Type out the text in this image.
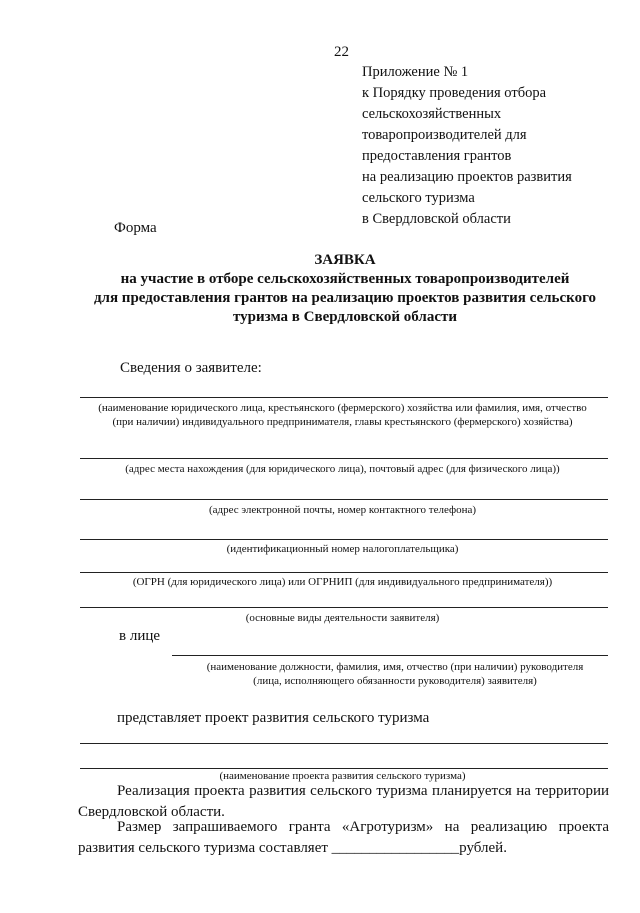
22

Приложение № 1
к Порядку проведения отбора
сельскохозяйственных
товаропроизводителей для
предоставления грантов
на реализацию проектов развития
сельского туризма
в Свердловской области

Форма

ЗАЯВКА
на участие в отборе сельскохозяйственных товаропроизводителей
для предоставления грантов на реализацию проектов развития сельского
туризма в Свердловской области

Сведения о заявителе:

(наименование юридического лица, крестьянского (фермерского) хозяйства или фамилия, имя, отчество
(при наличии) индивидуального предпринимателя, главы крестьянского (фермерского) хозяйства)
(адрес места нахождения (для юридического лица), почтовый адрес (для физического лица))
(адрес электронной почты, номер контактного телефона)
(идентификационный номер налогоплательщика)
(ОГРН (для юридического лица) или ОГРНИП (для индивидуального предпринимателя))
(основные виды деятельности заявителя)

в лице

(наименование должности, фамилия, имя, отчество (при наличии) руководителя
(лица, исполняющего обязанности руководителя) заявителя)

представляет проект развития сельского туризма

(наименование проекта развития сельского туризма)

Реализация проекта развития сельского туризма планируется на территории
Свердловской области.

Размер запрашиваемого гранта «Агротуризм» на реализацию проекта
развития сельского туризма составляет _________________рублей.
